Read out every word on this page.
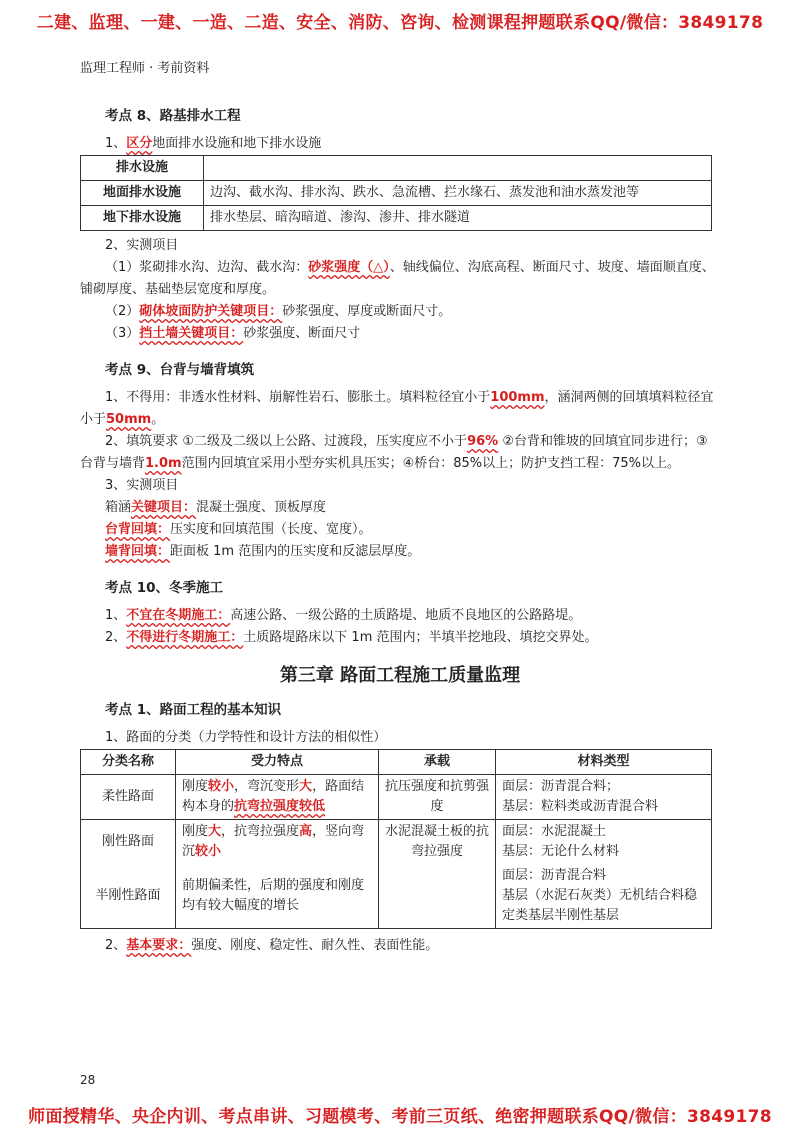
二建、监理、一建、一造、二造、安全、消防、咨询、检测课程押题联系QQ/微信：3849178
监理工程师 · 考前资料
考点 8、路基排水工程

1、区分地面排水设施和地下排水设施

排水设施	
地面排水设施	边沟、截水沟、排水沟、跌水、急流槽、拦水缘石、蒸发池和油水蒸发池等
地下排水设施	排水垫层、暗沟暗道、渗沟、渗井、排水隧道

2、实测项目

（1）浆砌排水沟、边沟、截水沟：砂浆强度（△）、轴线偏位、沟底高程、断面尺寸、坡度、墙面顺直度、铺砌厚度、基础垫层宽度和厚度。

（2）砌体坡面防护关键项目：砂浆强度、厚度或断面尺寸。

（3）挡土墙关键项目：砂浆强度、断面尺寸

考点 9、台背与墙背填筑

1、不得用：非透水性材料、崩解性岩石、膨胀土。填料粒径宜小于100mm，涵洞两侧的回填填料粒径宜小于50mm。

2、填筑要求 ①二级及二级以上公路、过渡段，压实度应不小于96% ②台背和锥坡的回填宜同步进行；③台背与墙背1.0m范围内回填宜采用小型夯实机具压实；④桥台：85%以上；防护支挡工程：75%以上。

3、实测项目

箱涵关键项目：混凝土强度、顶板厚度

台背回填：压实度和回填范围（长度、宽度）。

墙背回填：距面板 1m 范围内的压实度和反滤层厚度。

考点 10、冬季施工

1、不宜在冬期施工：高速公路、一级公路的土质路堤、地质不良地区的公路路堤。

2、不得进行冬期施工：土质路堤路床以下 1m 范围内；半填半挖地段、填挖交界处。

第三章 路面工程施工质量监理
考点 1、路面工程的基本知识

1、路面的分类（力学特性和设计方法的相似性）

分类名称	受力特点	承载	材料类型
柔性路面	刚度较小，弯沉变形大，路面结构本身的抗弯拉强度较低	抗压强度和抗剪强度	面层：沥青混合料；
基层：粒料类或沥青混合料

刚性路面	刚度大，抗弯拉强度高，竖向弯沉较小	水泥混凝土板的抗弯拉强度	面层：水泥混凝土
基层：无论什么材料

半刚性路面	前期偏柔性，后期的强度和刚度均有较大幅度的增长		面层：沥青混合料
基层（水泥石灰类）无机结合料稳定类基层半刚性基层

2、基本要求：强度、刚度、稳定性、耐久性、表面性能。

28
师面授精华、央企内训、考点串讲、习题模考、考前三页纸、绝密押题联系QQ/微信：3849178
